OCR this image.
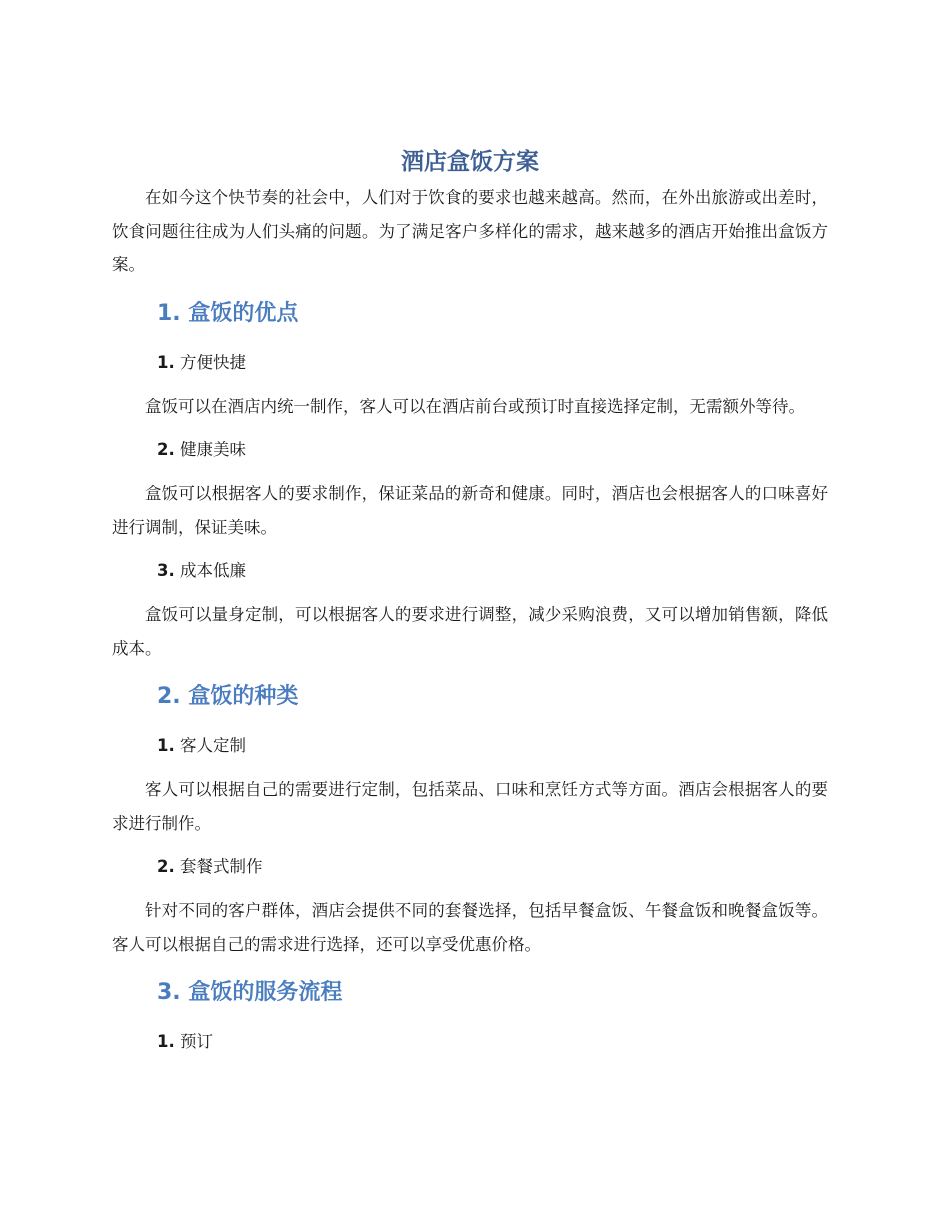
酒店盒饭方案

在如今这个快节奏的社会中，人们对于饮食的要求也越来越高。然而，在外出旅游或出差时，饮食问题往往成为人们头痛的问题。为了满足客户多样化的需求，越来越多的酒店开始推出盒饭方案。

1. 盒饭的优点
1. 方便快捷

盒饭可以在酒店内统一制作，客人可以在酒店前台或预订时直接选择定制，无需额外等待。

2. 健康美味

盒饭可以根据客人的要求制作，保证菜品的新奇和健康。同时，酒店也会根据客人的口味喜好进行调制，保证美味。

3. 成本低廉

盒饭可以量身定制，可以根据客人的要求进行调整，减少采购浪费，又可以增加销售额，降低成本。

2. 盒饭的种类
1. 客人定制

客人可以根据自己的需要进行定制，包括菜品、口味和烹饪方式等方面。酒店会根据客人的要求进行制作。

2. 套餐式制作

针对不同的客户群体，酒店会提供不同的套餐选择，包括早餐盒饭、午餐盒饭和晚餐盒饭等。客人可以根据自己的需求进行选择，还可以享受优惠价格。

3. 盒饭的服务流程
1. 预订
